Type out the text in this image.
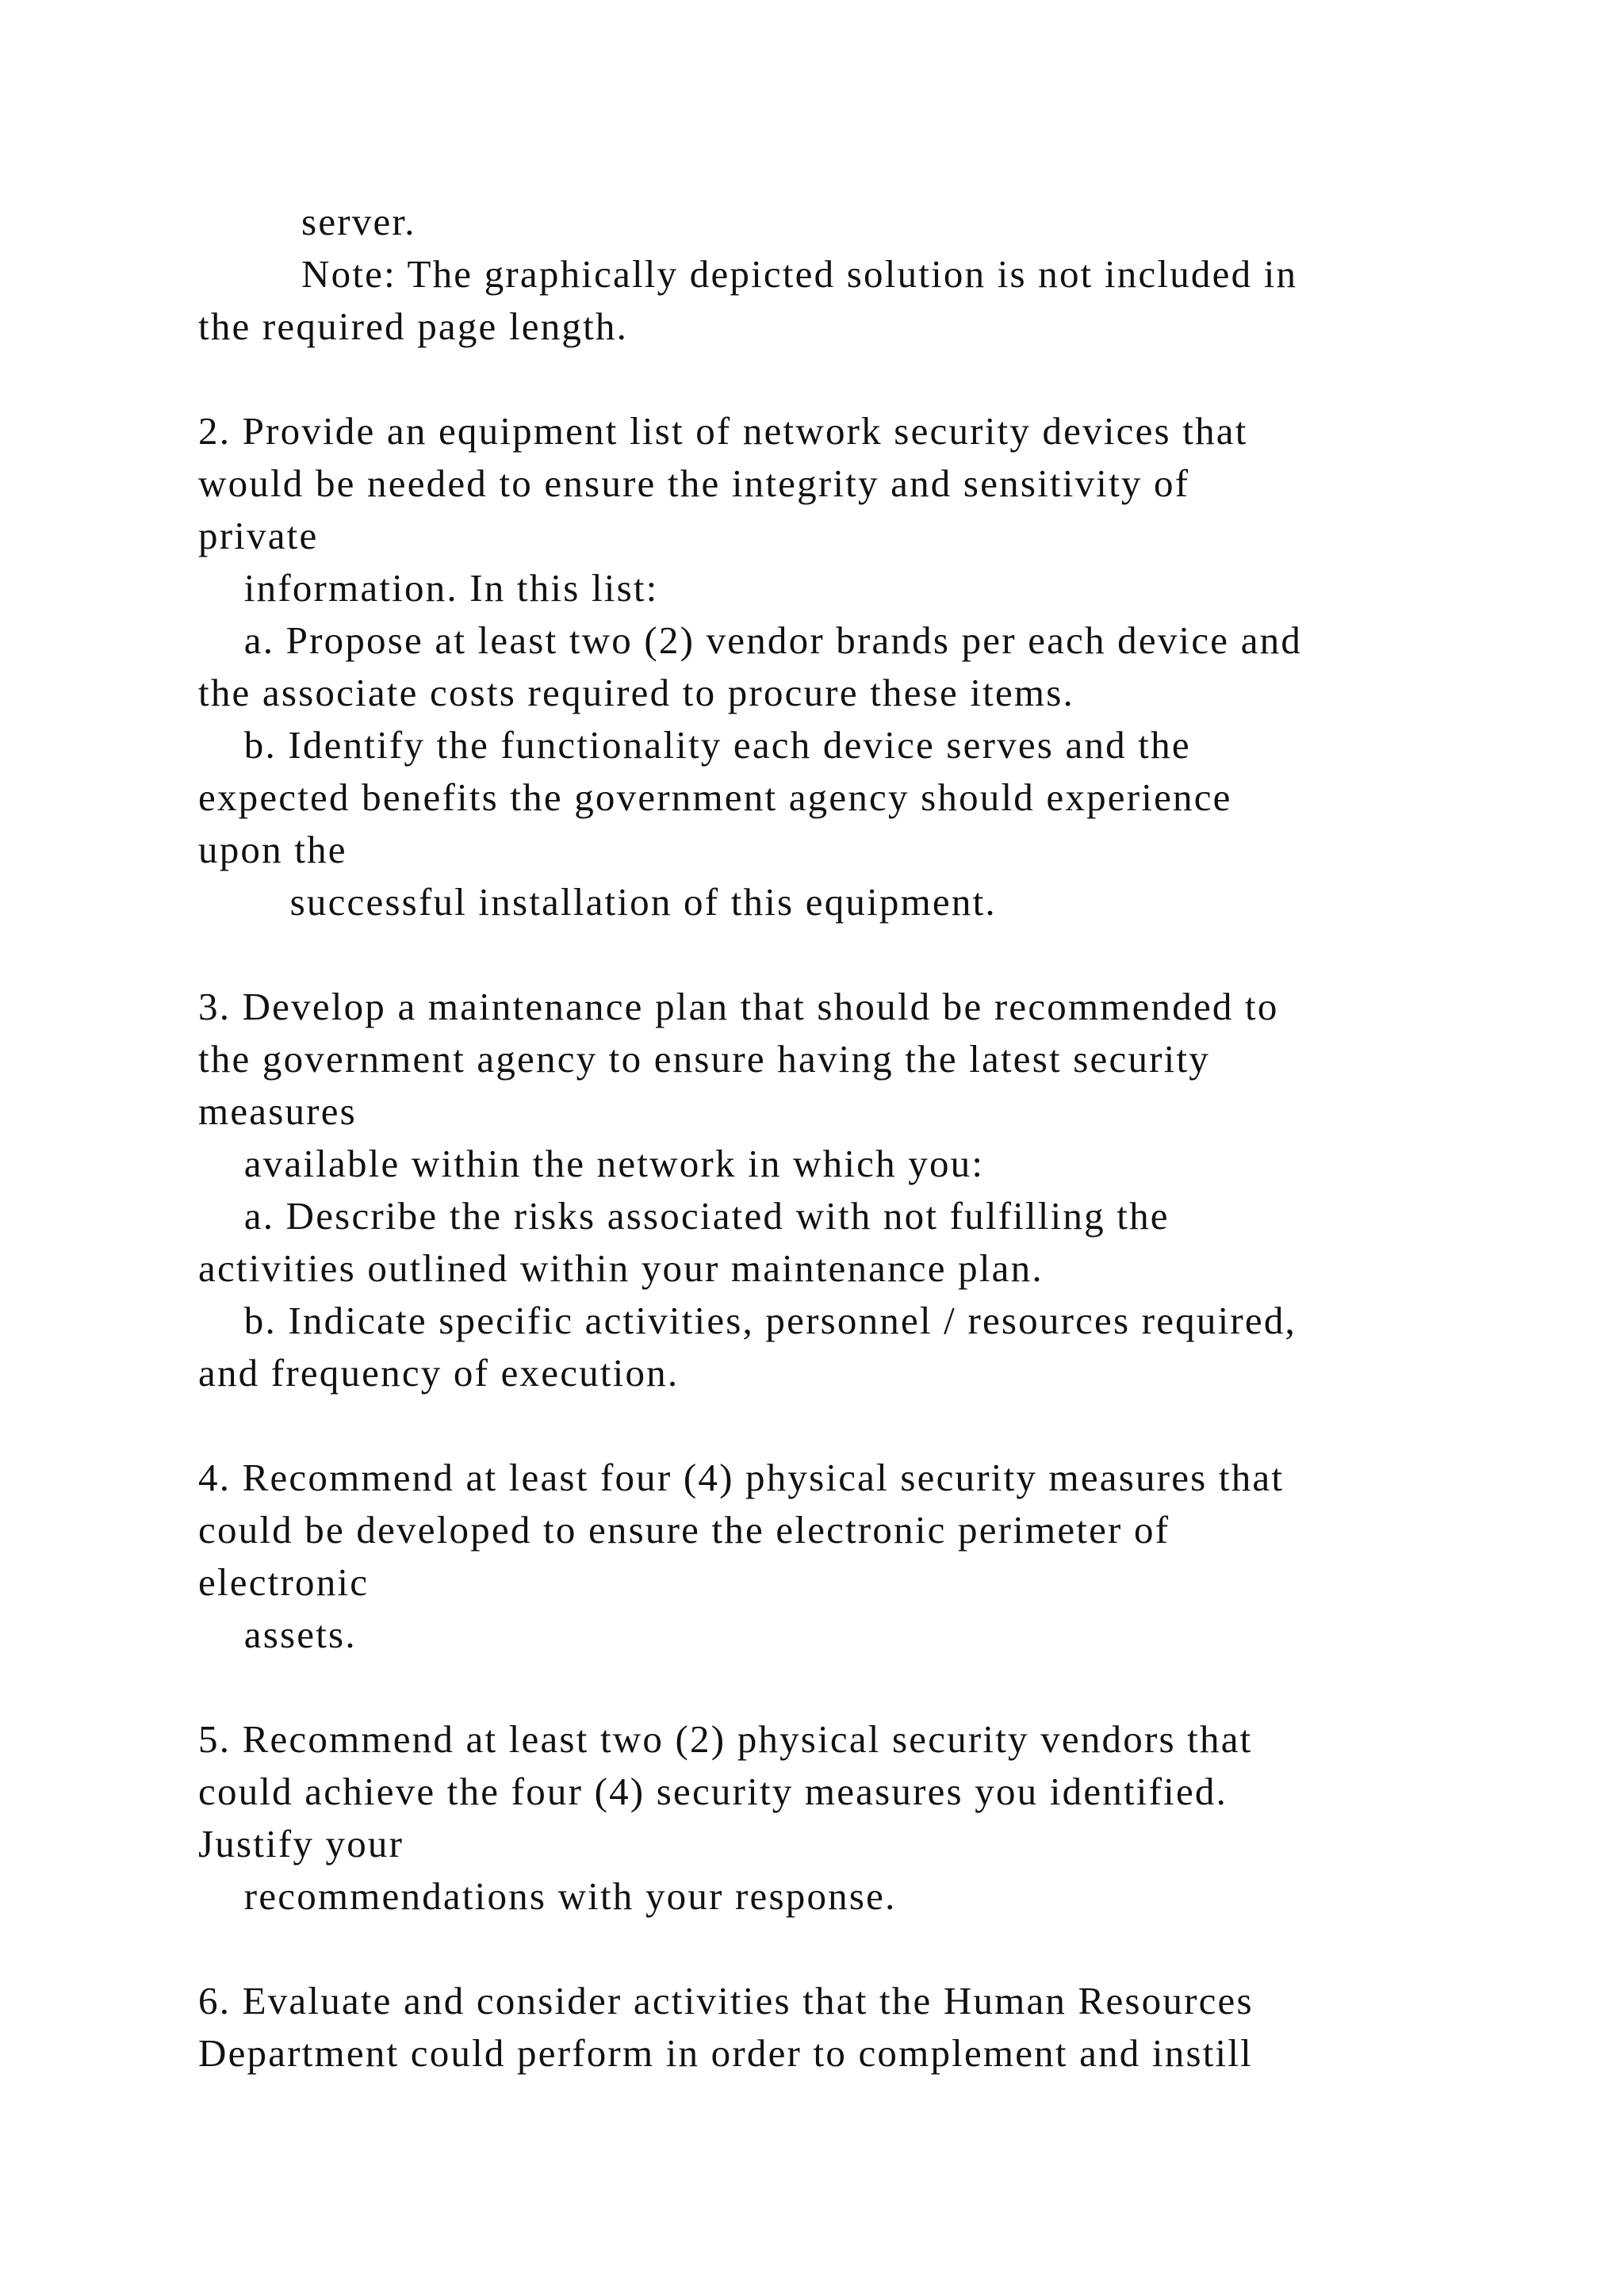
server.
Note: The graphically depicted solution is not included in
the required page length.
2. Provide an equipment list of network security devices that
would be needed to ensure the integrity and sensitivity of
private
information. In this list:
a. Propose at least two (2) vendor brands per each device and
the associate costs required to procure these items.
b. Identify the functionality each device serves and the
expected benefits the government agency should experience
upon the
successful installation of this equipment.
3. Develop a maintenance plan that should be recommended to
the government agency to ensure having the latest security
measures
available within the network in which you:
a. Describe the risks associated with not fulfilling the
activities outlined within your maintenance plan.
b. Indicate specific activities, personnel / resources required,
and frequency of execution.
4. Recommend at least four (4) physical security measures that
could be developed to ensure the electronic perimeter of
electronic
assets.
5. Recommend at least two (2) physical security vendors that
could achieve the four (4) security measures you identified.
Justify your
recommendations with your response.
6. Evaluate and consider activities that the Human Resources
Department could perform in order to complement and instill
